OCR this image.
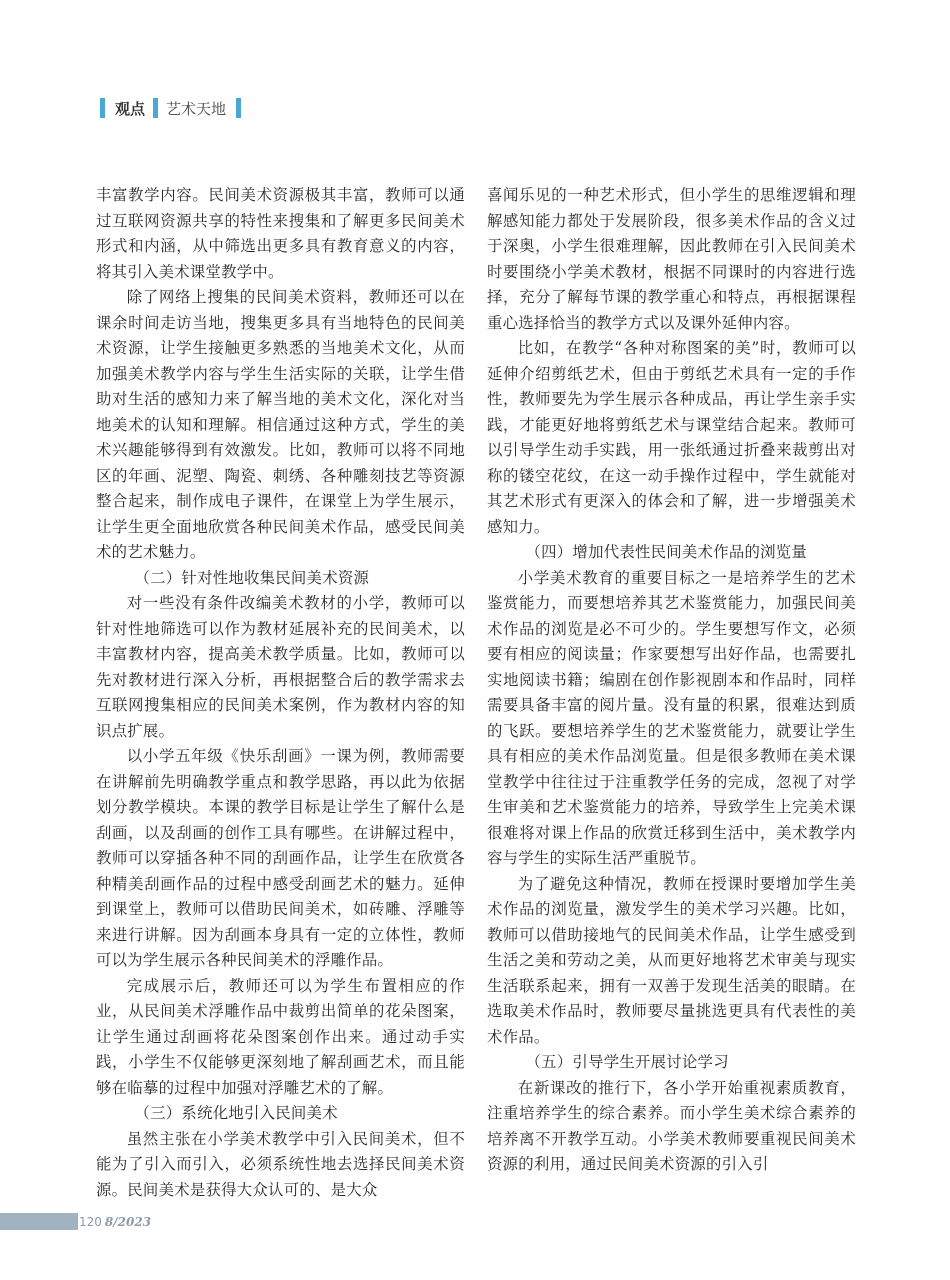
观点 艺术天地

丰富教学内容。民间美术资源极其丰富，教师可以通过互联网资源共享的特性来搜集和了解更多民间美术形式和内涵，从中筛选出更多具有教育意义的内容，将其引入美术课堂教学中。

除了网络上搜集的民间美术资料，教师还可以在课余时间走访当地，搜集更多具有当地特色的民间美术资源，让学生接触更多熟悉的当地美术文化，从而加强美术教学内容与学生生活实际的关联，让学生借助对生活的感知力来了解当地的美术文化，深化对当地美术的认知和理解。相信通过这种方式，学生的美术兴趣能够得到有效激发。比如，教师可以将不同地区的年画、泥塑、陶瓷、刺绣、各种雕刻技艺等资源整合起来，制作成电子课件，在课堂上为学生展示，让学生更全面地欣赏各种民间美术作品，感受民间美术的艺术魅力。

（二）针对性地收集民间美术资源

对一些没有条件改编美术教材的小学，教师可以针对性地筛选可以作为教材延展补充的民间美术，以丰富教材内容，提高美术教学质量。比如，教师可以先对教材进行深入分析，再根据整合后的教学需求去互联网搜集相应的民间美术案例，作为教材内容的知识点扩展。

以小学五年级《快乐刮画》一课为例，教师需要在讲解前先明确教学重点和教学思路，再以此为依据划分教学模块。本课的教学目标是让学生了解什么是刮画，以及刮画的创作工具有哪些。在讲解过程中，教师可以穿插各种不同的刮画作品，让学生在欣赏各种精美刮画作品的过程中感受刮画艺术的魅力。延伸到课堂上，教师可以借助民间美术，如砖雕、浮雕等来进行讲解。因为刮画本身具有一定的立体性，教师可以为学生展示各种民间美术的浮雕作品。

完成展示后，教师还可以为学生布置相应的作业，从民间美术浮雕作品中裁剪出简单的花朵图案，让学生通过刮画将花朵图案创作出来。通过动手实践，小学生不仅能够更深刻地了解刮画艺术，而且能够在临摹的过程中加强对浮雕艺术的了解。

（三）系统化地引入民间美术

虽然主张在小学美术教学中引入民间美术，但不能为了引入而引入，必须系统性地去选择民间美术资源。民间美术是获得大众认可的、是大众

喜闻乐见的一种艺术形式，但小学生的思维逻辑和理解感知能力都处于发展阶段，很多美术作品的含义过于深奥，小学生很难理解，因此教师在引入民间美术时要围绕小学美术教材，根据不同课时的内容进行选择，充分了解每节课的教学重心和特点，再根据课程重心选择恰当的教学方式以及课外延伸内容。

比如，在教学“各种对称图案的美”时，教师可以延伸介绍剪纸艺术，但由于剪纸艺术具有一定的手作性，教师要先为学生展示各种成品，再让学生亲手实践，才能更好地将剪纸艺术与课堂结合起来。教师可以引导学生动手实践，用一张纸通过折叠来裁剪出对称的镂空花纹，在这一动手操作过程中，学生就能对其艺术形式有更深入的体会和了解，进一步增强美术感知力。

（四）增加代表性民间美术作品的浏览量

小学美术教育的重要目标之一是培养学生的艺术鉴赏能力，而要想培养其艺术鉴赏能力，加强民间美术作品的浏览是必不可少的。学生要想写作文，必须要有相应的阅读量；作家要想写出好作品，也需要扎实地阅读书籍；编剧在创作影视剧本和作品时，同样需要具备丰富的阅片量。没有量的积累，很难达到质的飞跃。要想培养学生的艺术鉴赏能力，就要让学生具有相应的美术作品浏览量。但是很多教师在美术课堂教学中往往过于注重教学任务的完成，忽视了对学生审美和艺术鉴赏能力的培养，导致学生上完美术课很难将对课上作品的欣赏迁移到生活中，美术教学内容与学生的实际生活严重脱节。

为了避免这种情况，教师在授课时要增加学生美术作品的浏览量，激发学生的美术学习兴趣。比如，教师可以借助接地气的民间美术作品，让学生感受到生活之美和劳动之美，从而更好地将艺术审美与现实生活联系起来，拥有一双善于发现生活美的眼睛。在选取美术作品时，教师要尽量挑选更具有代表性的美术作品。

（五）引导学生开展讨论学习

在新课改的推行下，各小学开始重视素质教育，注重培养学生的综合素养。而小学生美术综合素养的培养离不开教学互动。小学美术教师要重视民间美术资源的利用，通过民间美术资源的引入引

120 8/2023
